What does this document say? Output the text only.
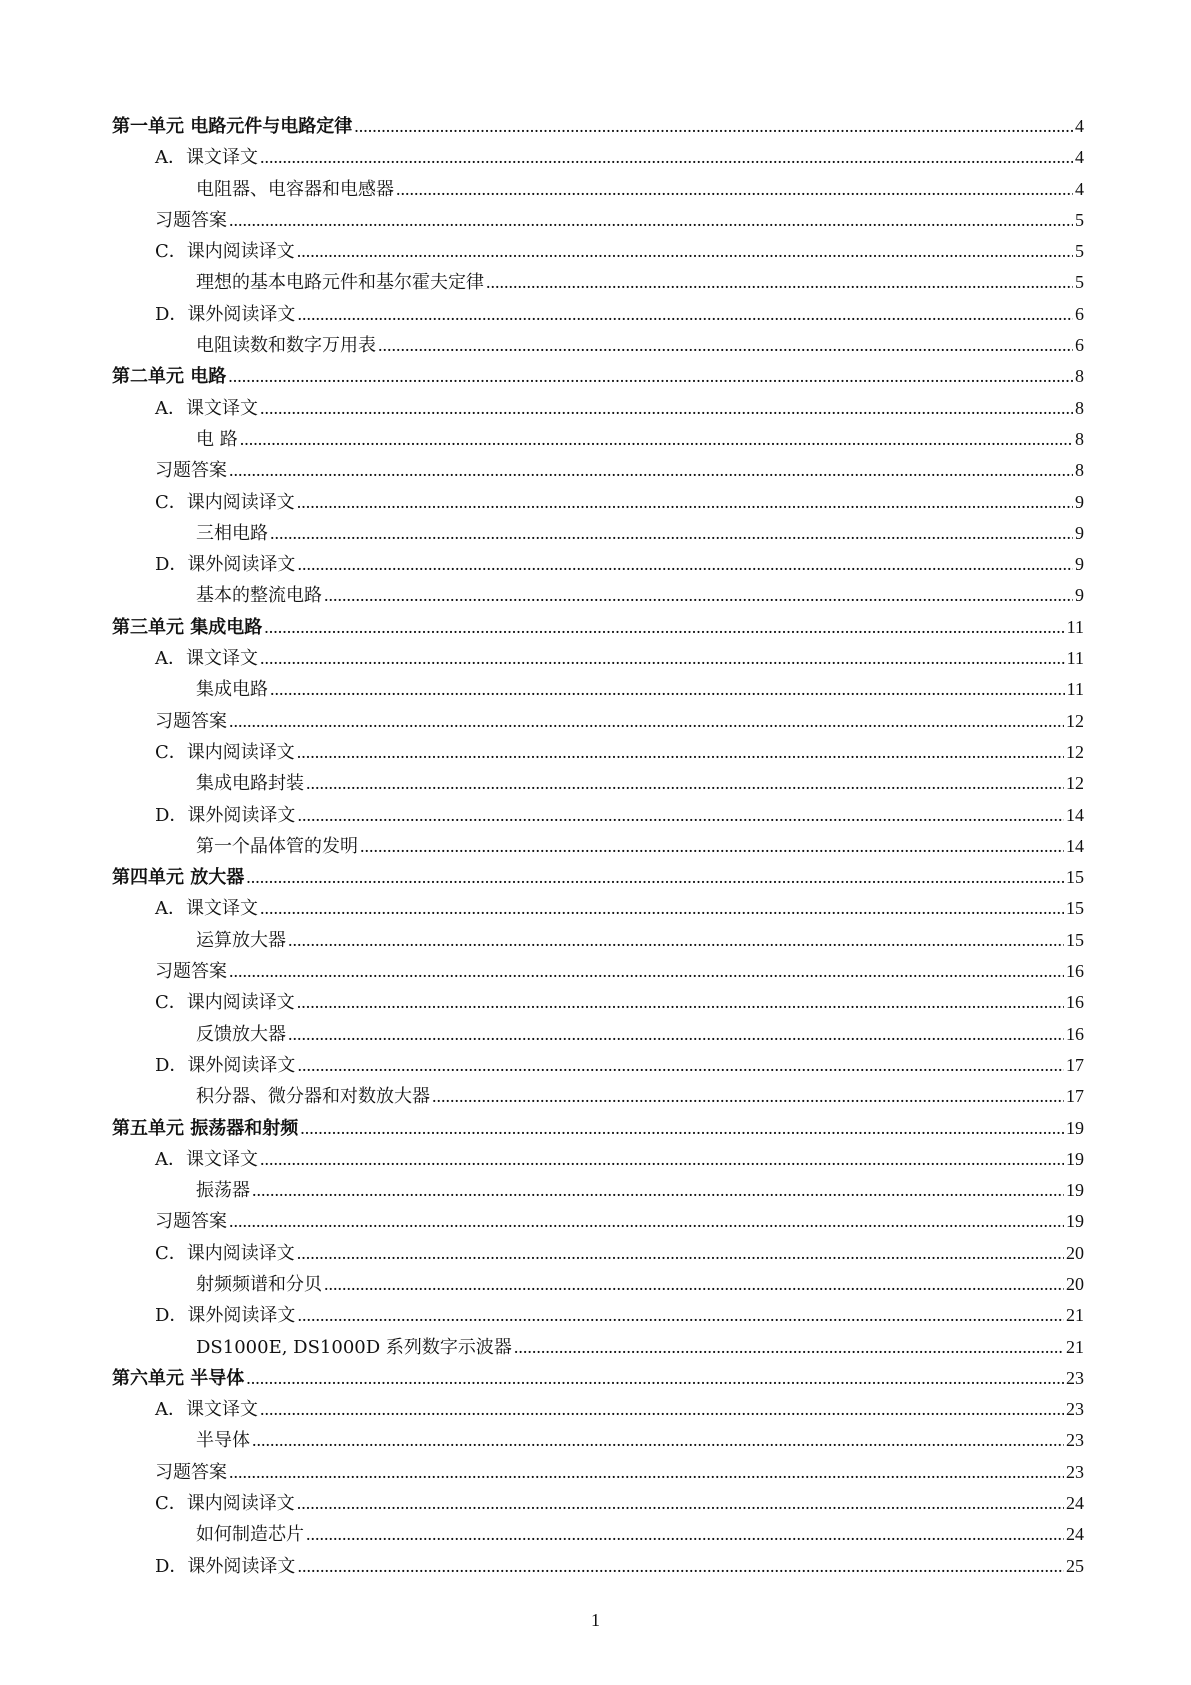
第一单元 电路元件与电路定律 .....	4
A．课文译文 .....	4
电阻器、电容器和电感器 .....	4
习题答案 .....	5
C．课内阅读译文 .....	5
理想的基本电路元件和基尔霍夫定律 .....	5
D．课外阅读译文 .....	6
电阻读数和数字万用表 .....	6
第二单元 电路 .....	8
A．课文译文 .....	8
电 路 .....	8
习题答案 .....	8
C．课内阅读译文 .....	9
三相电路 .....	9
D．课外阅读译文 .....	9
基本的整流电路 .....	9
第三单元 集成电路 .....	11
A．课文译文 .....	11
集成电路 .....	11
习题答案 .....	12
C．课内阅读译文 .....	12
集成电路封装 .....	12
D．课外阅读译文 .....	14
第一个晶体管的发明 .....	14
第四单元 放大器 .....	15
A．课文译文 .....	15
运算放大器 .....	15
习题答案 .....	16
C．课内阅读译文 .....	16
反馈放大器 .....	16
D．课外阅读译文 .....	17
积分器、微分器和对数放大器 .....	17
第五单元 振荡器和射频 .....	19
A．课文译文 .....	19
振荡器 .....	19
习题答案 .....	19
C．课内阅读译文 .....	20
射频频谱和分贝 .....	20
D．课外阅读译文 .....	21
DS1000E, DS1000D 系列数字示波器 .....	21
第六单元 半导体 .....	23
A．课文译文 .....	23
半导体 .....	23
习题答案 .....	23
C．课内阅读译文 .....	24
如何制造芯片 .....	24
D．课外阅读译文 .....	25
1
